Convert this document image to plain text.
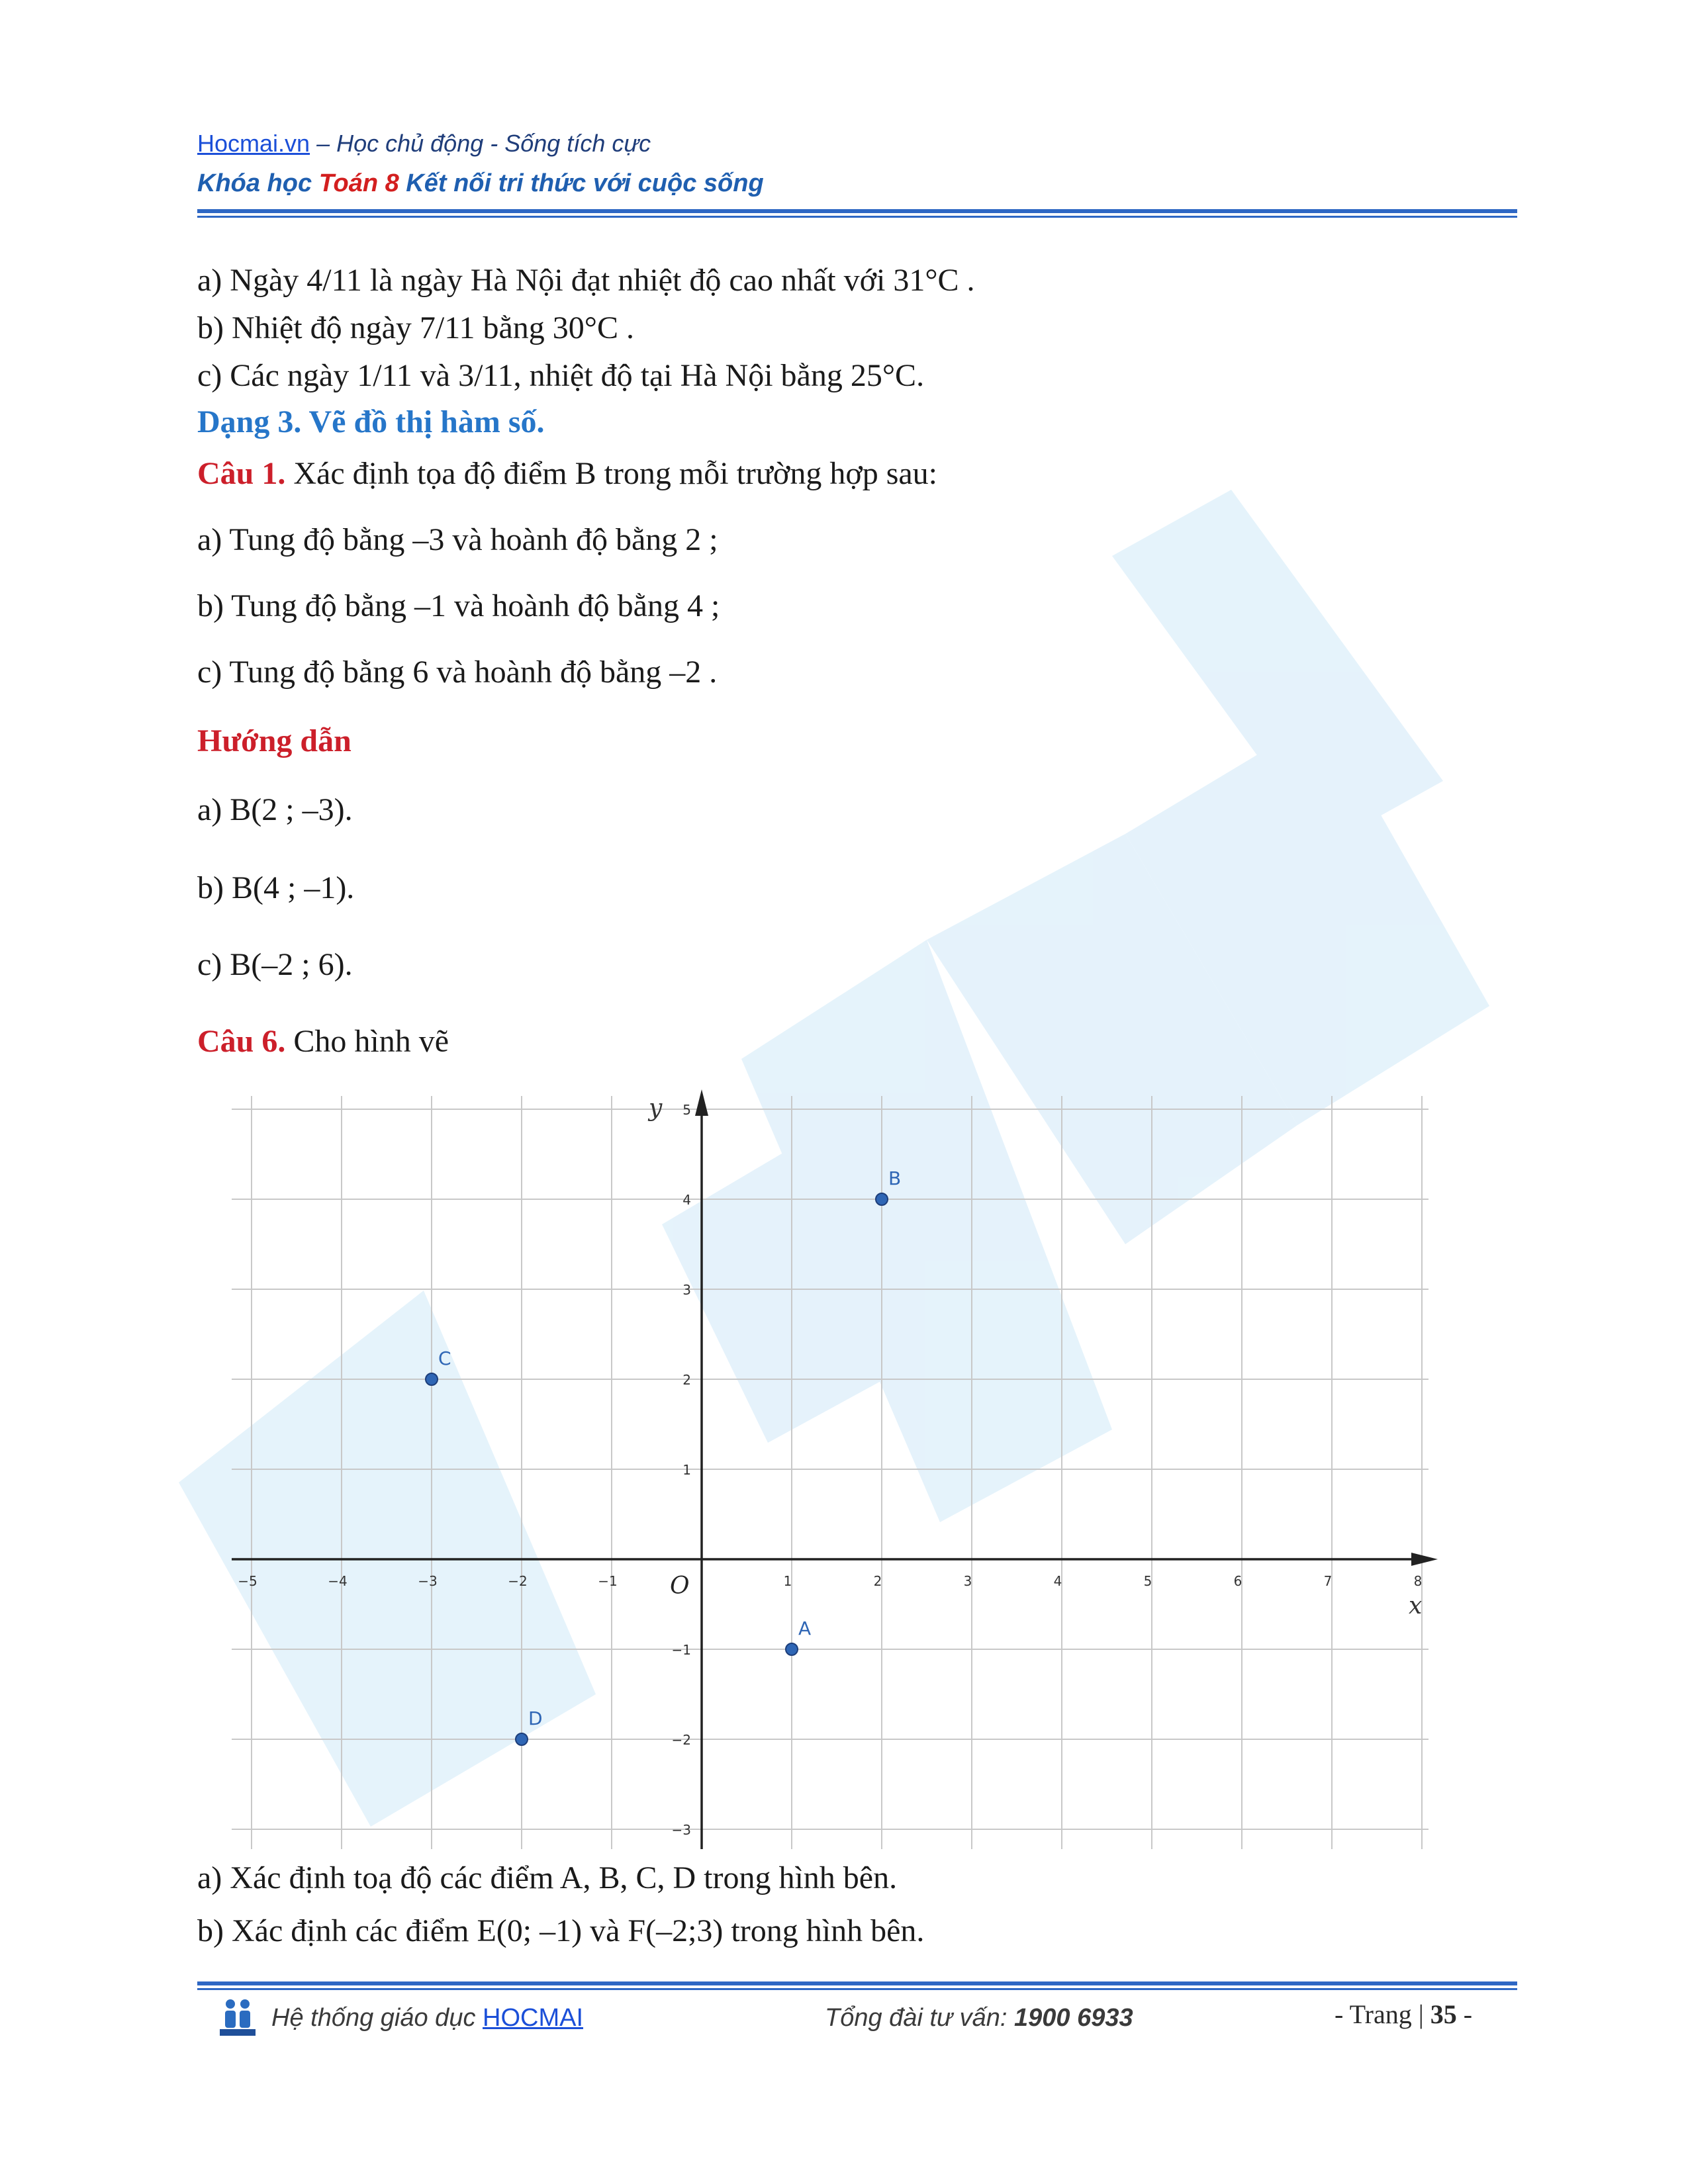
Hocmai.vn – Học chủ động - Sống tích cực
Khóa học Toán 8 Kết nối tri thức với cuộc sống
a) Ngày 4/11 là ngày Hà Nội đạt nhiệt độ cao nhất với 31°C .
b) Nhiệt độ ngày 7/11 bằng 30°C .
c) Các ngày 1/11 và 3/11, nhiệt độ tại Hà Nội bằng 25°C.
Dạng 3. Vẽ đồ thị hàm số.
Câu 1. Xác định tọa độ điểm B trong mỗi trường hợp sau:
a) Tung độ bằng –3 và hoành độ bằng 2 ;
b) Tung độ bằng –1 và hoành độ bằng 4 ;
c) Tung độ bằng 6 và hoành độ bằng –2 .
Hướng dẫn
a) B(2 ; –3).
b) B(4 ; –1).
c) B(–2 ; 6).
Câu 6. Cho hình vẽ
−5	−4	−3	−2	−1	1	2	3	4	5	6	7	8
−3
−2
−1
1
2
3
4
5
x
y
O
A
B
C
D
a) Xác định toạ độ các điểm A, B, C, D trong hình bên.
b) Xác định các điểm E(0; –1) và F(–2;3) trong hình bên.
Hệ thống giáo dục HOCMAI	Tổng đài tư vấn: 1900 6933	- Trang | 35 -
